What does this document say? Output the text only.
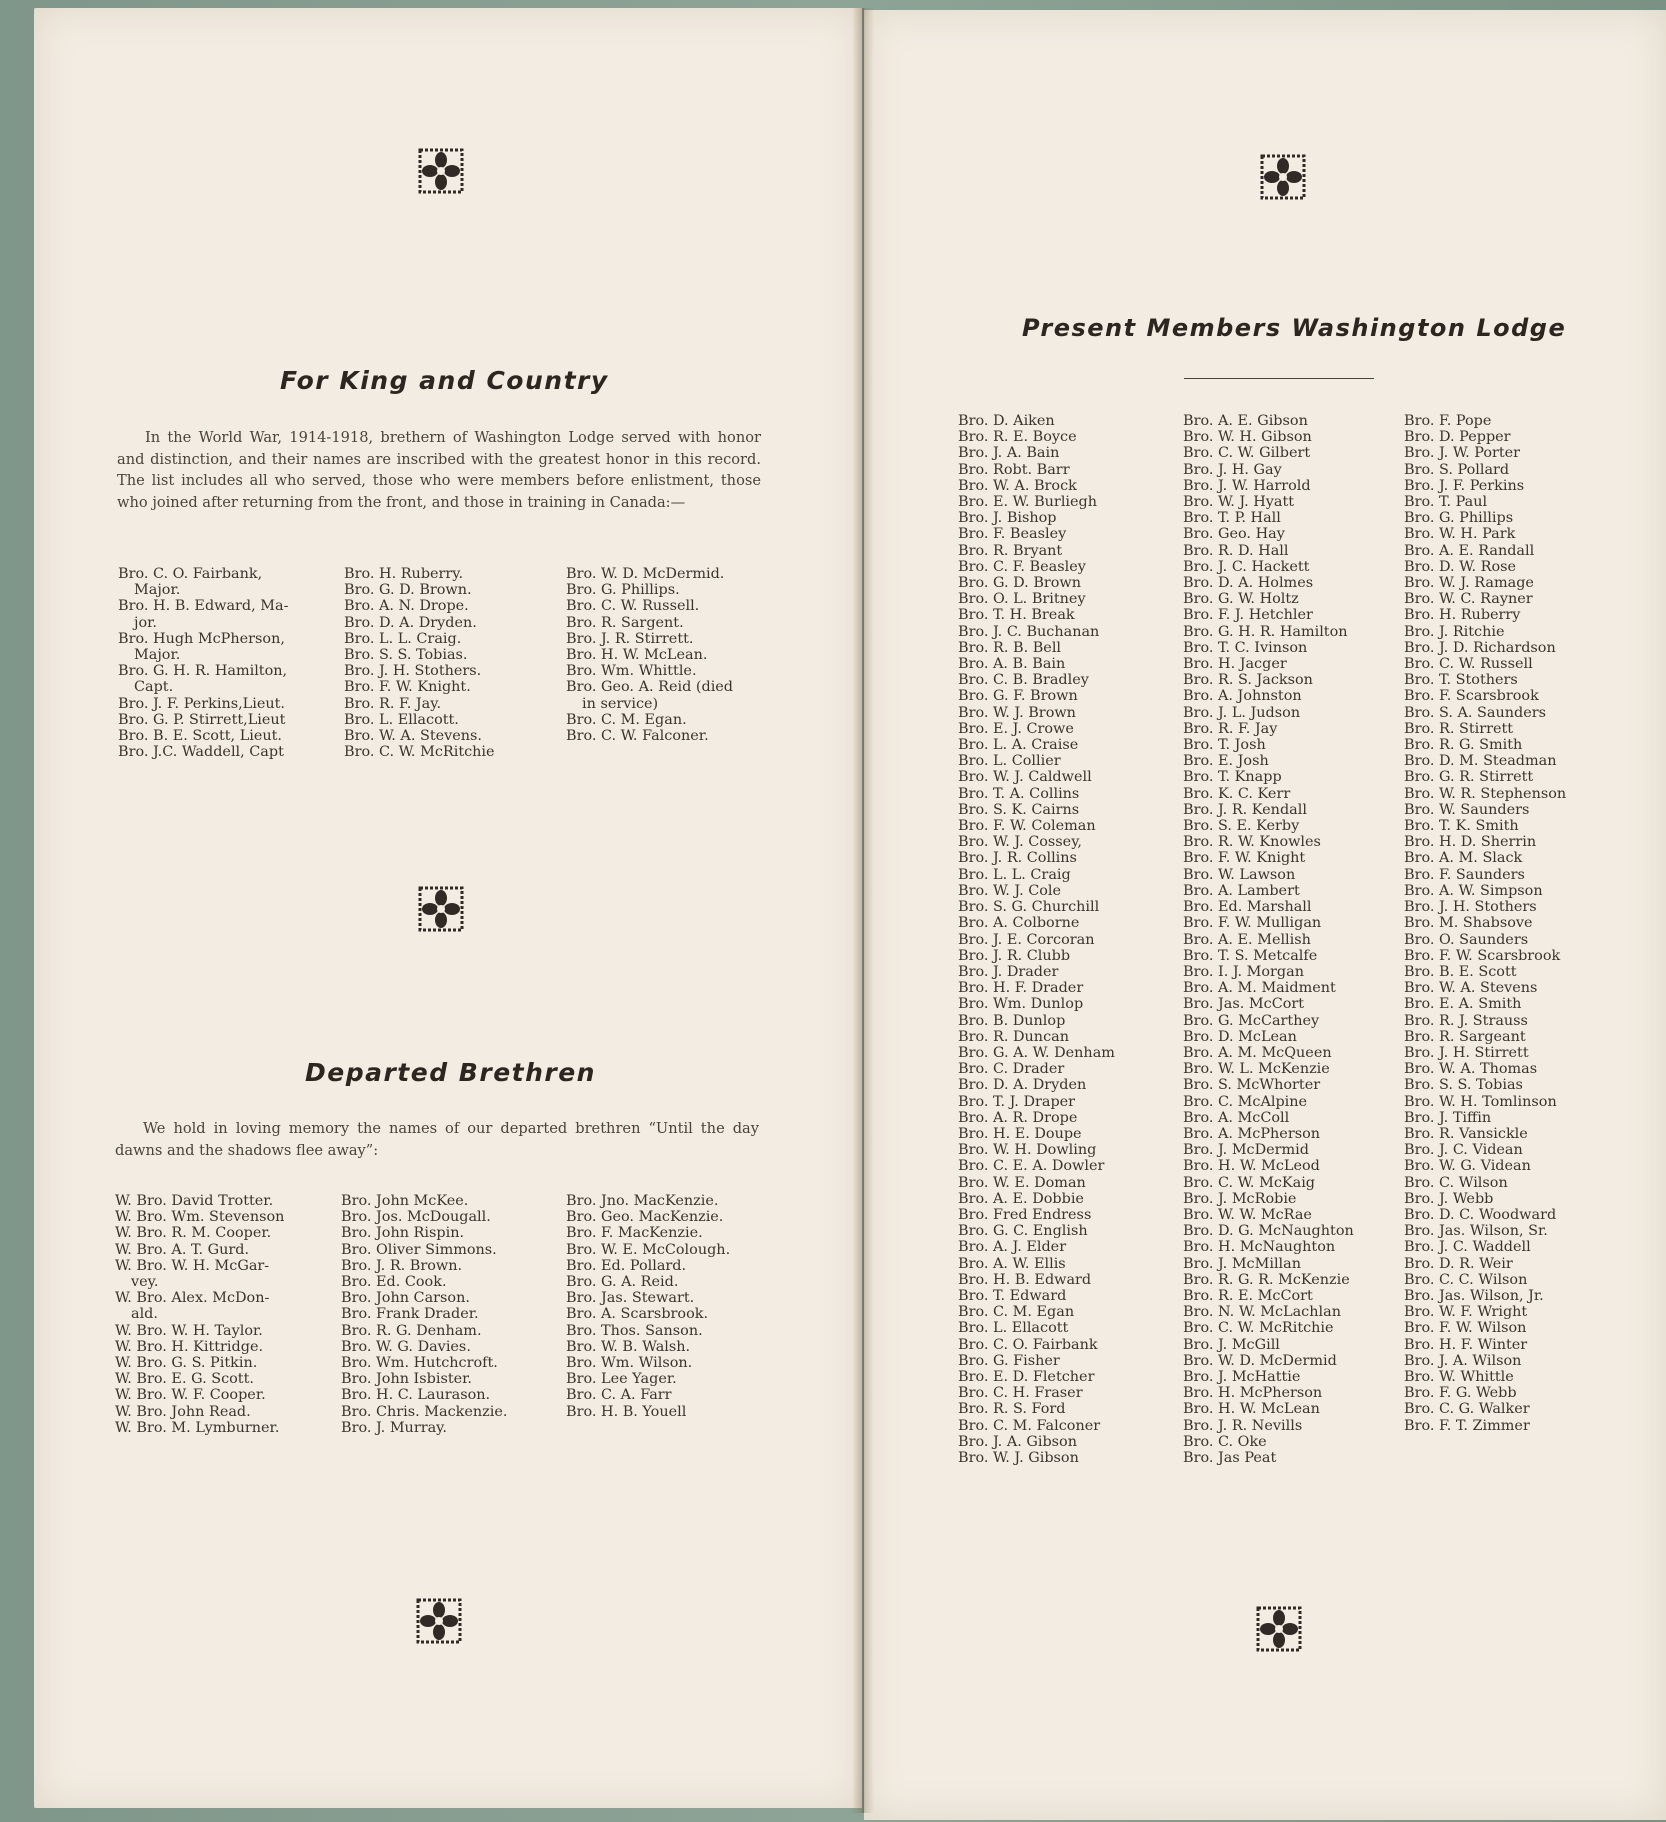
For King and Country

In the World War, 1914-1918, brethern of Washington Lodge served with honor and distinction, and their names are inscribed with the greatest honor in this record. The list includes all who served, those who were members before enlistment, those who joined after returning from the front, and those in training in Canada:—

Bro. C. O. Fairbank,
Major.
Bro. H. B. Edward, Ma-
jor.
Bro. Hugh McPherson,
Major.
Bro. G. H. R. Hamilton,
Capt.
Bro. J. F. Perkins,Lieut.
Bro. G. P. Stirrett,Lieut
Bro. B. E. Scott, Lieut.
Bro. J.C. Waddell, Capt
Bro. H. Ruberry.
Bro. G. D. Brown.
Bro. A. N. Drope.
Bro. D. A. Dryden.
Bro. L. L. Craig.
Bro. S. S. Tobias.
Bro. J. H. Stothers.
Bro. F. W. Knight.
Bro. R. F. Jay.
Bro. L. Ellacott.
Bro. W. A. Stevens.
Bro. C. W. McRitchie
Bro. W. D. McDermid.
Bro. G. Phillips.
Bro. C. W. Russell.
Bro. R. Sargent.
Bro. J. R. Stirrett.
Bro. H. W. McLean.
Bro. Wm. Whittle.
Bro. Geo. A. Reid (died
in service)
Bro. C. M. Egan.
Bro. C. W. Falconer.
Departed Brethren

We hold in loving memory the names of our departed brethren “Until the day dawns and the shadows flee away”:

W. Bro. David Trotter.
W. Bro. Wm. Stevenson
W. Bro. R. M. Cooper.
W. Bro. A. T. Gurd.
W. Bro. W. H. McGar-
vey.
W. Bro. Alex. McDon-
ald.
W. Bro. W. H. Taylor.
W. Bro. H. Kittridge.
W. Bro. G. S. Pitkin.
W. Bro. E. G. Scott.
W. Bro. W. F. Cooper.
W. Bro. John Read.
W. Bro. M. Lymburner.
Bro. John McKee.
Bro. Jos. McDougall.
Bro. John Rispin.
Bro. Oliver Simmons.
Bro. J. R. Brown.
Bro. Ed. Cook.
Bro. John Carson.
Bro. Frank Drader.
Bro. R. G. Denham.
Bro. W. G. Davies.
Bro. Wm. Hutchcroft.
Bro. John Isbister.
Bro. H. C. Laurason.
Bro. Chris. Mackenzie.
Bro. J. Murray.
Bro. Jno. MacKenzie.
Bro. Geo. MacKenzie.
Bro. F. MacKenzie.
Bro. W. E. McColough.
Bro. Ed. Pollard.
Bro. G. A. Reid.
Bro. Jas. Stewart.
Bro. A. Scarsbrook.
Bro. Thos. Sanson.
Bro. W. B. Walsh.
Bro. Wm. Wilson.
Bro. Lee Yager.
Bro. C. A. Farr
Bro. H. B. Youell
Present Members Washington Lodge
Bro. D. Aiken
Bro. R. E. Boyce
Bro. J. A. Bain
Bro. Robt. Barr
Bro. W. A. Brock
Bro. E. W. Burliegh
Bro. J. Bishop
Bro. F. Beasley
Bro. R. Bryant
Bro. C. F. Beasley
Bro. G. D. Brown
Bro. O. L. Britney
Bro. T. H. Break
Bro. J. C. Buchanan
Bro. R. B. Bell
Bro. A. B. Bain
Bro. C. B. Bradley
Bro. G. F. Brown
Bro. W. J. Brown
Bro. E. J. Crowe
Bro. L. A. Craise
Bro. L. Collier
Bro. W. J. Caldwell
Bro. T. A. Collins
Bro. S. K. Cairns
Bro. F. W. Coleman
Bro. W. J. Cossey,
Bro. J. R. Collins
Bro. L. L. Craig
Bro. W. J. Cole
Bro. S. G. Churchill
Bro. A. Colborne
Bro. J. E. Corcoran
Bro. J. R. Clubb
Bro. J. Drader
Bro. H. F. Drader
Bro. Wm. Dunlop
Bro. B. Dunlop
Bro. R. Duncan
Bro. G. A. W. Denham
Bro. C. Drader
Bro. D. A. Dryden
Bro. T. J. Draper
Bro. A. R. Drope
Bro. H. E. Doupe
Bro. W. H. Dowling
Bro. C. E. A. Dowler
Bro. W. E. Doman
Bro. A. E. Dobbie
Bro. Fred Endress
Bro. G. C. English
Bro. A. J. Elder
Bro. A. W. Ellis
Bro. H. B. Edward
Bro. T. Edward
Bro. C. M. Egan
Bro. L. Ellacott
Bro. C. O. Fairbank
Bro. G. Fisher
Bro. E. D. Fletcher
Bro. C. H. Fraser
Bro. R. S. Ford
Bro. C. M. Falconer
Bro. J. A. Gibson
Bro. W. J. Gibson
Bro. A. E. Gibson
Bro. W. H. Gibson
Bro. C. W. Gilbert
Bro. J. H. Gay
Bro. J. W. Harrold
Bro. W. J. Hyatt
Bro. T. P. Hall
Bro. Geo. Hay
Bro. R. D. Hall
Bro. J. C. Hackett
Bro. D. A. Holmes
Bro. G. W. Holtz
Bro. F. J. Hetchler
Bro. G. H. R. Hamilton
Bro. T. C. Ivinson
Bro. H. Jacger
Bro. R. S. Jackson
Bro. A. Johnston
Bro. J. L. Judson
Bro. R. F. Jay
Bro. T. Josh
Bro. E. Josh
Bro. T. Knapp
Bro. K. C. Kerr
Bro. J. R. Kendall
Bro. S. E. Kerby
Bro. R. W. Knowles
Bro. F. W. Knight
Bro. W. Lawson
Bro. A. Lambert
Bro. Ed. Marshall
Bro. F. W. Mulligan
Bro. A. E. Mellish
Bro. T. S. Metcalfe
Bro. I. J. Morgan
Bro. A. M. Maidment
Bro. Jas. McCort
Bro. G. McCarthey
Bro. D. McLean
Bro. A. M. McQueen
Bro. W. L. McKenzie
Bro. S. McWhorter
Bro. C. McAlpine
Bro. A. McColl
Bro. A. McPherson
Bro. J. McDermid
Bro. H. W. McLeod
Bro. C. W. McKaig
Bro. J. McRobie
Bro. W. W. McRae
Bro. D. G. McNaughton
Bro. H. McNaughton
Bro. J. McMillan
Bro. R. G. R. McKenzie
Bro. R. E. McCort
Bro. N. W. McLachlan
Bro. C. W. McRitchie
Bro. J. McGill
Bro. W. D. McDermid
Bro. J. McHattie
Bro. H. McPherson
Bro. H. W. McLean
Bro. J. R. Nevills
Bro. C. Oke
Bro. Jas Peat
Bro. F. Pope
Bro. D. Pepper
Bro. J. W. Porter
Bro. S. Pollard
Bro. J. F. Perkins
Bro. T. Paul
Bro. G. Phillips
Bro. W. H. Park
Bro. A. E. Randall
Bro. D. W. Rose
Bro. W. J. Ramage
Bro. W. C. Rayner
Bro. H. Ruberry
Bro. J. Ritchie
Bro. J. D. Richardson
Bro. C. W. Russell
Bro. T. Stothers
Bro. F. Scarsbrook
Bro. S. A. Saunders
Bro. R. Stirrett
Bro. R. G. Smith
Bro. D. M. Steadman
Bro. G. R. Stirrett
Bro. W. R. Stephenson
Bro. W. Saunders
Bro. T. K. Smith
Bro. H. D. Sherrin
Bro. A. M. Slack
Bro. F. Saunders
Bro. A. W. Simpson
Bro. J. H. Stothers
Bro. M. Shabsove
Bro. O. Saunders
Bro. F. W. Scarsbrook
Bro. B. E. Scott
Bro. W. A. Stevens
Bro. E. A. Smith
Bro. R. J. Strauss
Bro. R. Sargeant
Bro. J. H. Stirrett
Bro. W. A. Thomas
Bro. S. S. Tobias
Bro. W. H. Tomlinson
Bro. J. Tiffin
Bro. R. Vansickle
Bro. J. C. Videan
Bro. W. G. Videan
Bro. C. Wilson
Bro. J. Webb
Bro. D. C. Woodward
Bro. Jas. Wilson, Sr.
Bro. J. C. Waddell
Bro. D. R. Weir
Bro. C. C. Wilson
Bro. Jas. Wilson, Jr.
Bro. W. F. Wright
Bro. F. W. Wilson
Bro. H. F. Winter
Bro. J. A. Wilson
Bro. W. Whittle
Bro. F. G. Webb
Bro. C. G. Walker
Bro. F. T. Zimmer
